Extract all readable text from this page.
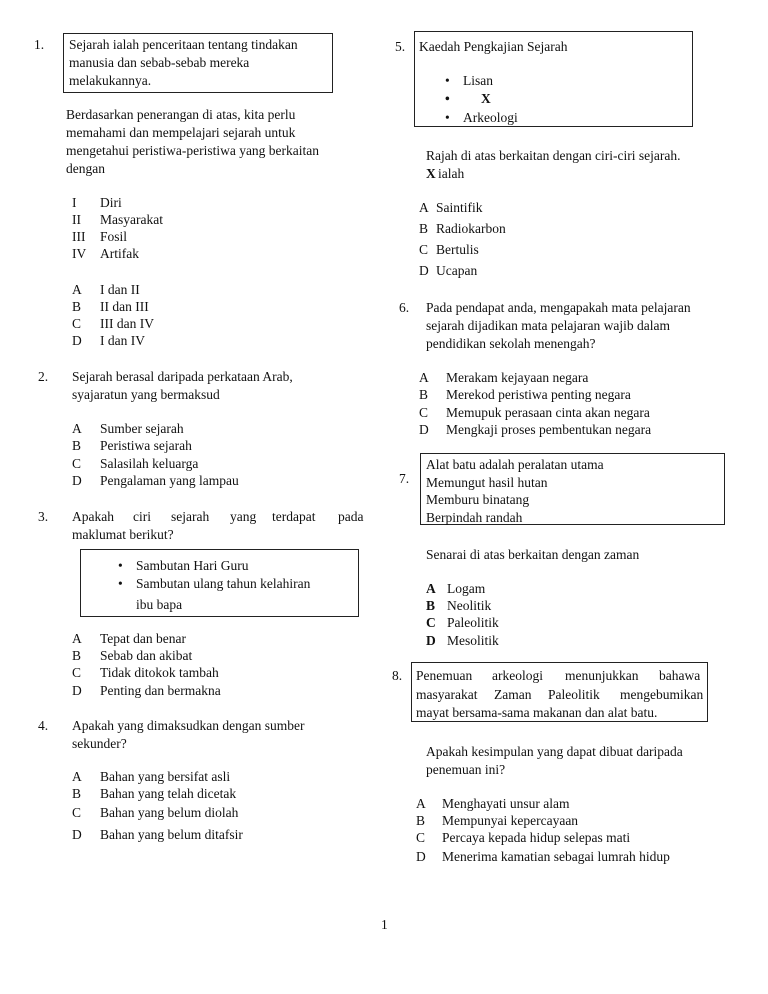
1. Sejarah ialah penceritaan tentang tindakan
manusia dan sebab-sebab mereka
melakukannya.
Berdasarkan penerangan di atas, kita perlu
memahami dan mempelajari sejarah untuk
mengetahui peristiwa-peristiwa yang berkaitan
dengan
I Diri
II Masyarakat
III Fosil
IV Artifak
A I dan II
B II dan III
C III dan IV
D I dan IV
2. Sejarah berasal daripada perkataan Arab,
syajaratun yang bermaksud
A Sumber sejarah
B Peristiwa sejarah
C Salasilah keluarga
D Pengalaman yang lampau
3. Apakah ciri sejarah yang terdapat pada
maklumat berikut?
• Sambutan Hari Guru
• Sambutan ulang tahun kelahiran
ibu bapa
A Tepat dan benar
B Sebab dan akibat
C Tidak ditokok tambah
D Penting dan bermakna
4. Apakah yang dimaksudkan dengan sumber
sekunder?
A Bahan yang bersifat asli
B Bahan yang telah dicetak
C Bahan yang belum diolah
D Bahan yang belum ditafsir
5. Kaedah Pengkajian Sejarah
• Lisan
• X
• Arkeologi
Rajah di atas berkaitan dengan ciri-ciri sejarah.
X ialah
A Saintifik
B Radiokarbon
C Bertulis
D Ucapan
6. Pada pendapat anda, mengapakah mata pelajaran
sejarah dijadikan mata pelajaran wajib dalam
pendidikan sekolah menengah?
A Merakam kejayaan negara
B Merekod peristiwa penting negara
C Memupuk perasaan cinta akan negara
D Mengkaji proses pembentukan negara
7.
Alat batu adalah peralatan utama
Memungut hasil hutan
Memburu binatang
Berpindah randah
Senarai di atas berkaitan dengan zaman
A Logam
B Neolitik
C Paleolitik
D Mesolitik
8. Penemuan arkeologi menunjukkan bahawa
masyarakat Zaman Paleolitik mengebumikan
mayat bersama-sama makanan dan alat batu.
Apakah kesimpulan yang dapat dibuat daripada
penemuan ini?
A Menghayati unsur alam
B Mempunyai kepercayaan
C Percaya kepada hidup selepas mati
D Menerima kamatian sebagai lumrah hidup
1
